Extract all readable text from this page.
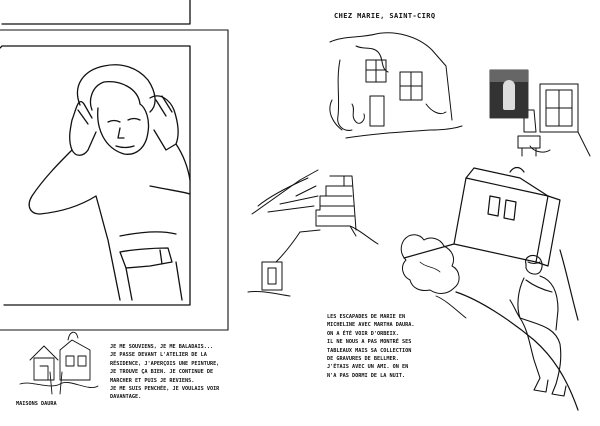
CHEZ MARIE, SAINT-CIRQ
JE ME SOUVIENS, JE ME BALADAIS...
JE PASSE DEVANT L'ATELIER DE LA
RÉSIDENCE, J'APERÇOIS UNE PEINTURE,
JE TROUVE ÇA BIEN. JE CONTINUE DE
MARCHER ET PUIS JE REVIENS.
JE ME SUIS PENCHÉE, JE VOULAIS VOIR
DAVANTAGE.
MAISONS DAURA
LES ESCAPADES DE MARIE EN
MICHELINE AVEC MARTHA DAURA.
ON A ÉTÉ VOIR D'ORBEIX.
IL NE NOUS A PAS MONTRÉ SES
TABLEAUX MAIS SA COLLECTION
DE GRAVURES DE BELLMER.
J'ÉTAIS AVEC UN AMI. ON EN
N'A PAS DORMI DE LA NUIT.
